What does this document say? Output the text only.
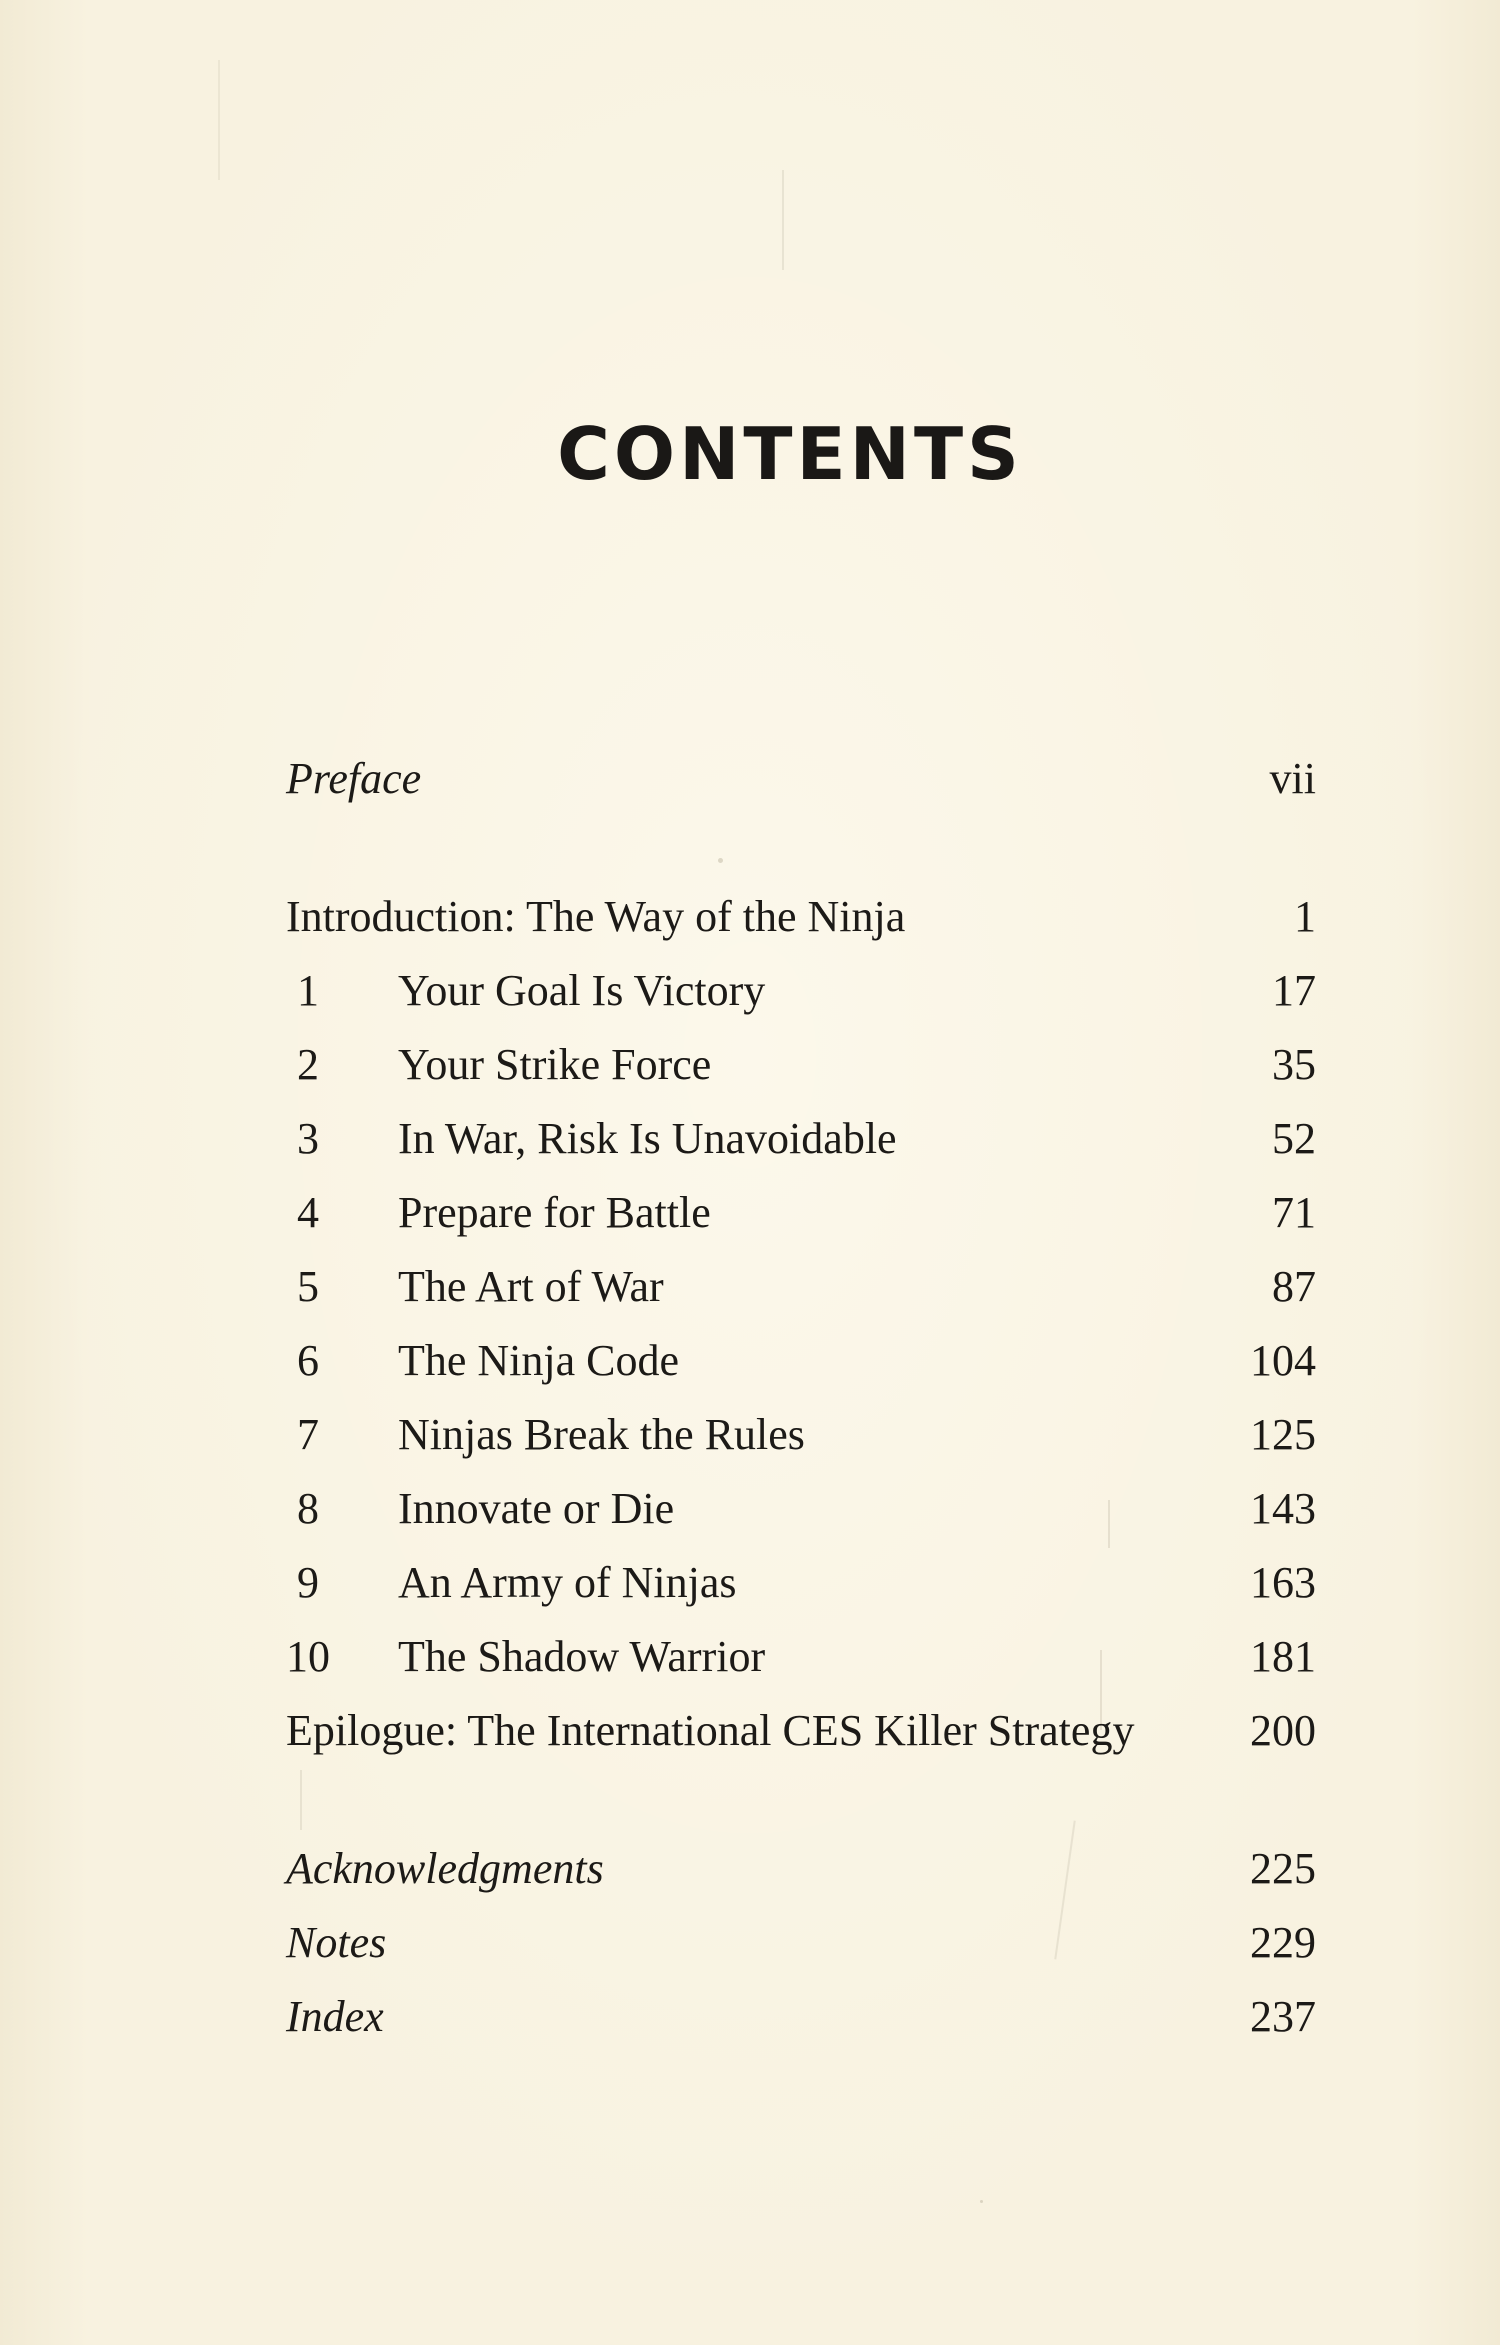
CONTENTS
Preface	vii
Introduction: The Way of the Ninja	1
1 Your Goal Is Victory	17
2 Your Strike Force	35
3 In War, Risk Is Unavoidable	52
4 Prepare for Battle	71
5 The Art of War	87
6 The Ninja Code	104
7 Ninjas Break the Rules	125
8 Innovate or Die	143
9 An Army of Ninjas	163
10 The Shadow Warrior	181
Epilogue: The International CES Killer Strategy	200
Acknowledgments	225
Notes	229
Index	237
